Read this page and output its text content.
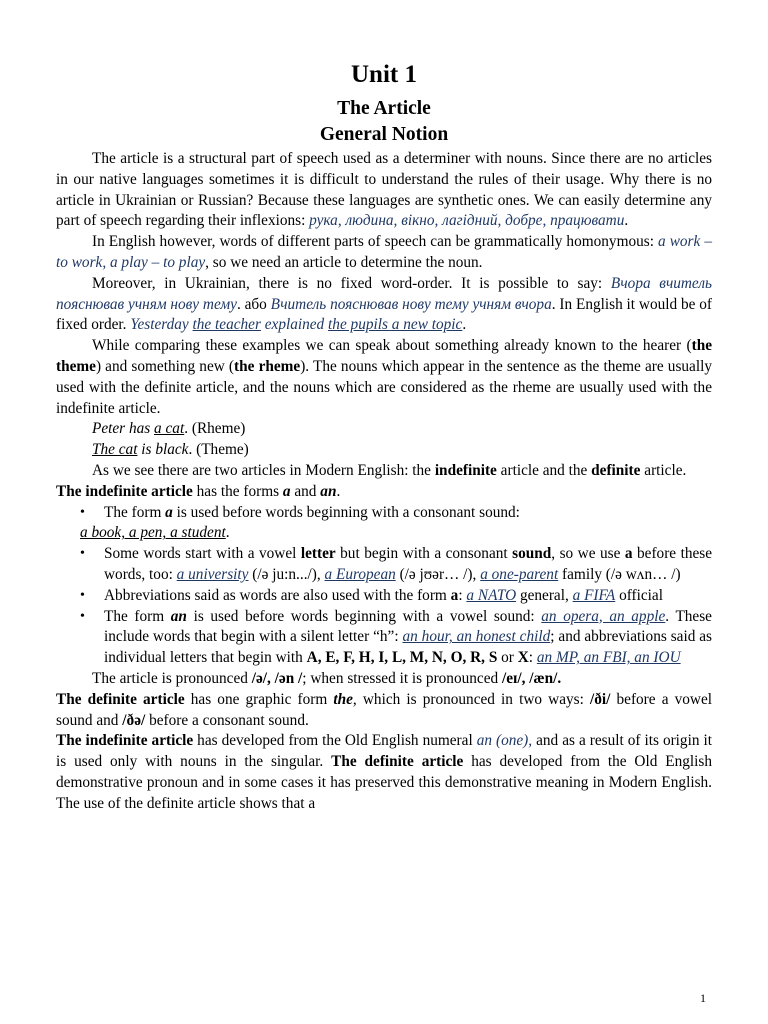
Unit 1
The Article
General Notion

The article is a structural part of speech used as a determiner with nouns. Since there are no articles in our native languages sometimes it is difficult to understand the rules of their usage. Why there is no article in Ukrainian or Russian? Because these languages are synthetic ones. We can easily determine any part of speech regarding their inflexions: рука, людина, вікно, лагідний, добре, працювати.

In English however, words of different parts of speech can be grammatically homonymous: a work – to work, a play – to play, so we need an article to determine the noun.

Moreover, in Ukrainian, there is no fixed word-order. It is possible to say: Вчора вчитель пояснював учням нову тему. або Вчитель пояснював нову тему учням вчора. In English it would be of fixed order. Yesterday the teacher explained the pupils a new topic.

While comparing these examples we can speak about something already known to the hearer (the theme) and something new (the rheme). The nouns which appear in the sentence as the theme are usually used with the definite article, and the nouns which are considered as the rheme are usually used with the indefinite article.

Peter has a cat. (Rheme)

The cat is black. (Theme)

As we see there are two articles in Modern English: the indefinite article and the definite article.

The indefinite article has the forms a and an.

• The form a is used before words beginning with a consonant sound:

a book, a pen, a student.

• Some words start with a vowel letter but begin with a consonant sound, so we use a before these words, too: a university (/ə ju:n.../), a European (/ə jʊər… /), a one-parent family (/ə wʌn… /)
• Abbreviations said as words are also used with the form a: a NATO general, a FIFA official
• The form an is used before words beginning with a vowel sound: an opera, an apple. These include words that begin with a silent letter “h”: an hour, an honest child; and abbreviations said as individual letters that begin with A, E, F, H, I, L, M, N, O, R, S or X: an MP, an FBI, an IOU

The article is pronounced /ə/, /ən /; when stressed it is pronounced /eɪ/, /æn/.

The definite article has one graphic form the, which is pronounced in two ways: /ði/ before a vowel sound and /ðə/ before a consonant sound.

The indefinite article has developed from the Old English numeral an (one), and as a result of its origin it is used only with nouns in the singular. The definite article has developed from the Old English demonstrative pronoun and in some cases it has preserved this demonstrative meaning in Modern English. The use of the definite article shows that a

1
